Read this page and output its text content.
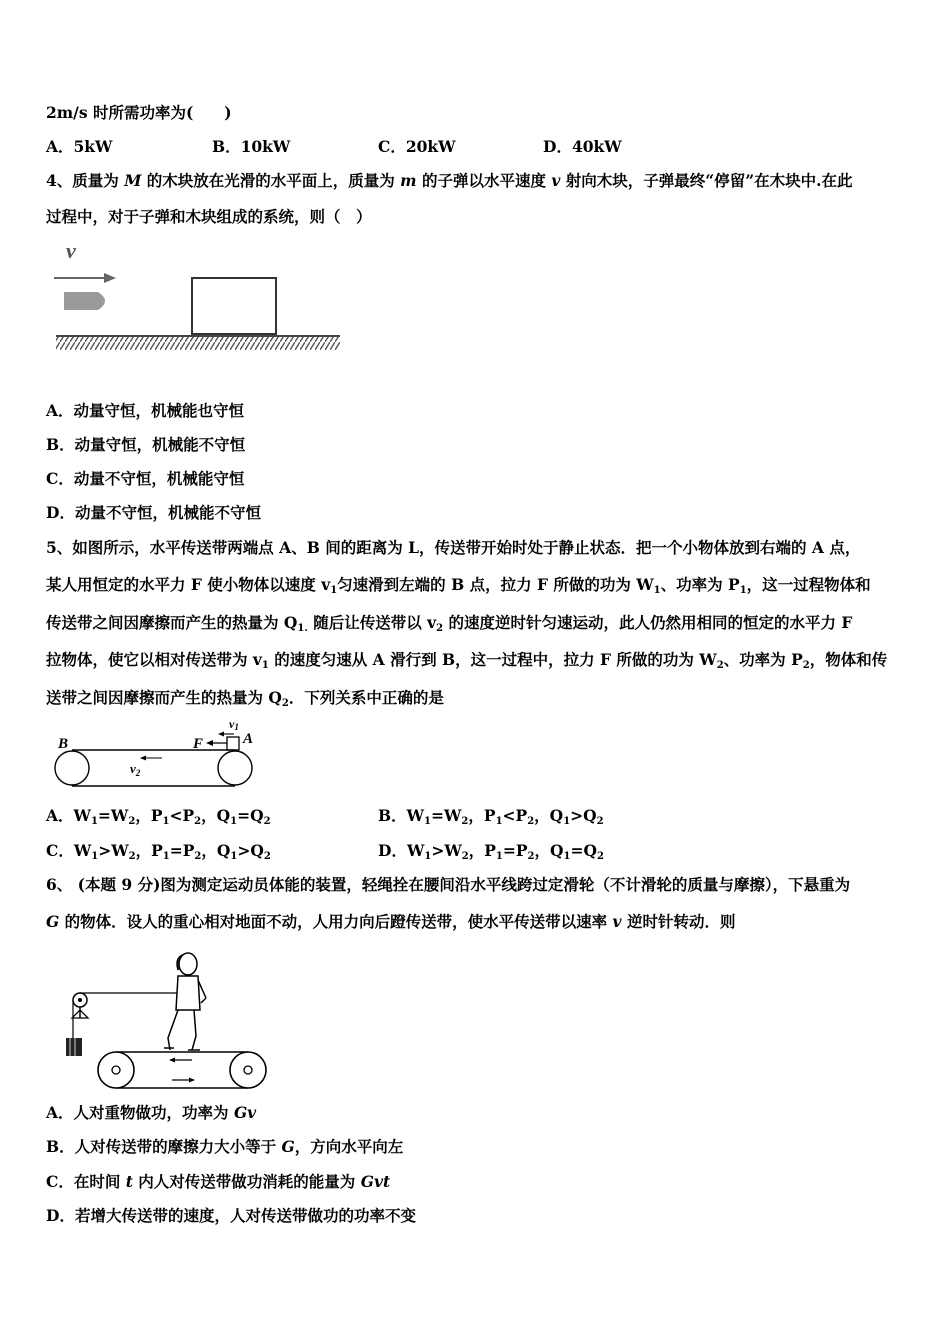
2m/s 时所需功率为(　　)
A．5kW	B．10kW	C．20kW	D．40kW
4、质量为 M 的木块放在光滑的水平面上，质量为 m 的子弹以水平速度 v 射向木块，子弹最终“停留”在木块中.在此
过程中，对于子弹和木块组成的系统，则（　）
v
A．动量守恒，机械能也守恒
B．动量守恒，机械能不守恒
C．动量不守恒，机械能守恒
D．动量不守恒，机械能不守恒
5、如图所示，水平传送带两端点 A、B 间的距离为 L，传送带开始时处于静止状态．把一个小物体放到右端的 A 点，
某人用恒定的水平力 F 使小物体以速度 $v_1$匀速滑到左端的 B 点，拉力 F 所做的功为 $W_1$、功率为 $P_1$，这一过程物体和
传送带之间因摩擦而产生的热量为 $Q_{1.}$ 随后让传送带以 $v_2$ 的速度逆时针匀速运动，此人仍然用相同的恒定的水平力 F
拉物体，使它以相对传送带为 $v_1$ 的速度匀速从 A 滑行到 B，这一过程中，拉力 F 所做的功为 $W_2$、功率为 $P_2$，物体和传
送带之间因摩擦而产生的热量为 $Q_2$．下列关系中正确的是
B	F	A
v1
$v_2$
A．$W_1=W_2$，$P_1<P_2$，$Q_1=Q_2$	B．$W_1=W_2$，$P_1<P_2$，$Q_1>Q_2$
C．$W_1>W_2$，$P_1=P_2$，$Q_1>Q_2$	D．$W_1>W_2$，$P_1=P_2$，$Q_1=Q_2$
6、 (本题 9 分)图为测定运动员体能的装置，轻绳拴在腰间沿水平线跨过定滑轮（不计滑轮的质量与摩擦），下悬重为
G 的物体．设人的重心相对地面不动，人用力向后蹬传送带，使水平传送带以速率 v 逆时针转动．则
A．人对重物做功，功率为 Gv
B．人对传送带的摩擦力大小等于 G，方向水平向左
C．在时间 t 内人对传送带做功消耗的能量为 Gvt
D．若增大传送带的速度，人对传送带做功的功率不变
